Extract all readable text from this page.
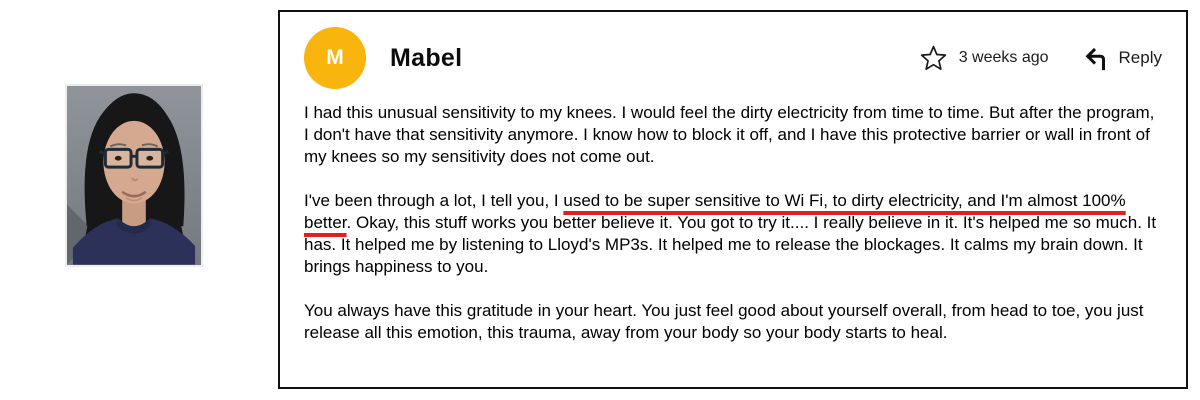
M Mabel	3 weeks ago	Reply

I had this unusual sensitivity to my knees. I would feel the dirty electricity from time to time. But after the program, I don't have that sensitivity anymore. I know how to block it off, and I have this protective barrier or wall in front of my knees so my sensitivity does not come out.

I've been through a lot, I tell you, I used to be super sensitive to Wi Fi, to dirty electricity, and I'm almost 100% better. Okay, this stuff works you better believe it. You got to try it.... I really believe in it. It's helped me so much. It has. It helped me by listening to Lloyd's MP3s. It helped me to release the blockages. It calms my brain down. It brings happiness to you.

You always have this gratitude in your heart. You just feel good about yourself overall, from head to toe, you just release all this emotion, this trauma, away from your body so your body starts to heal.
